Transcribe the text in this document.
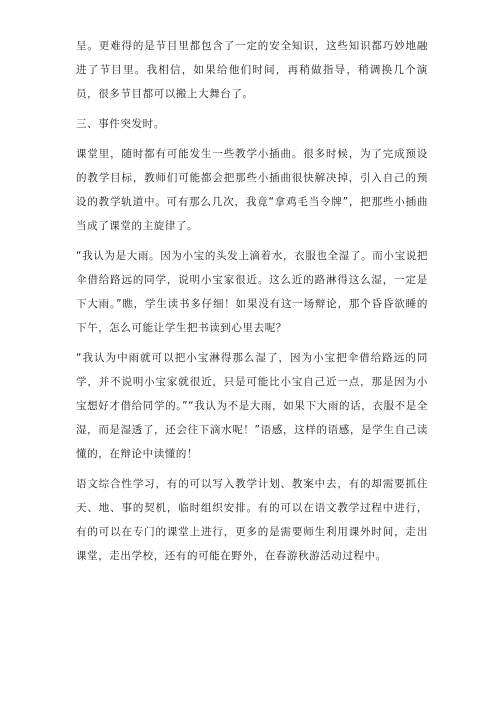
呈。更难得的是节目里都包含了一定的安全知识，这些知识都巧妙地融进了节目里。我相信，如果给他们时间，再稍做指导，稍调换几个演员，很多节目都可以搬上大舞台了。

三、事件突发时。

课堂里，随时都有可能发生一些教学小插曲。很多时候，为了完成预设的教学目标，教师们可能都会把那些小插曲很快解决掉，引入自己的预设的教学轨道中。可有那么几次，我竟“拿鸡毛当令牌”，把那些小插曲当成了课堂的主旋律了。

“我认为是大雨。因为小宝的头发上滴着水，衣服也全湿了。而小宝说把伞借给路远的同学，说明小宝家很近。这么近的路淋得这么湿，一定是下大雨。”瞧，学生读书多仔细！如果没有这一场辩论，那个昏昏欲睡的下午，怎么可能让学生把书读到心里去呢？

“我认为中雨就可以把小宝淋得那么湿了，因为小宝把伞借给路远的同学，并不说明小宝家就很近，只是可能比小宝自己近一点，那是因为小宝想好才借给同学的。”“我认为不是大雨，如果下大雨的话，衣服不是全湿，而是湿透了，还会往下滴水呢！”语感，这样的语感，是学生自己读懂的，在辩论中读懂的！

语文综合性学习，有的可以写入教学计划、教案中去，有的却需要抓住天、地、事的契机，临时组织安排。有的可以在语文教学过程中进行，有的可以在专门的课堂上进行，更多的是需要师生利用课外时间，走出课堂，走出学校，还有的可能在野外，在春游秋游活动过程中。
